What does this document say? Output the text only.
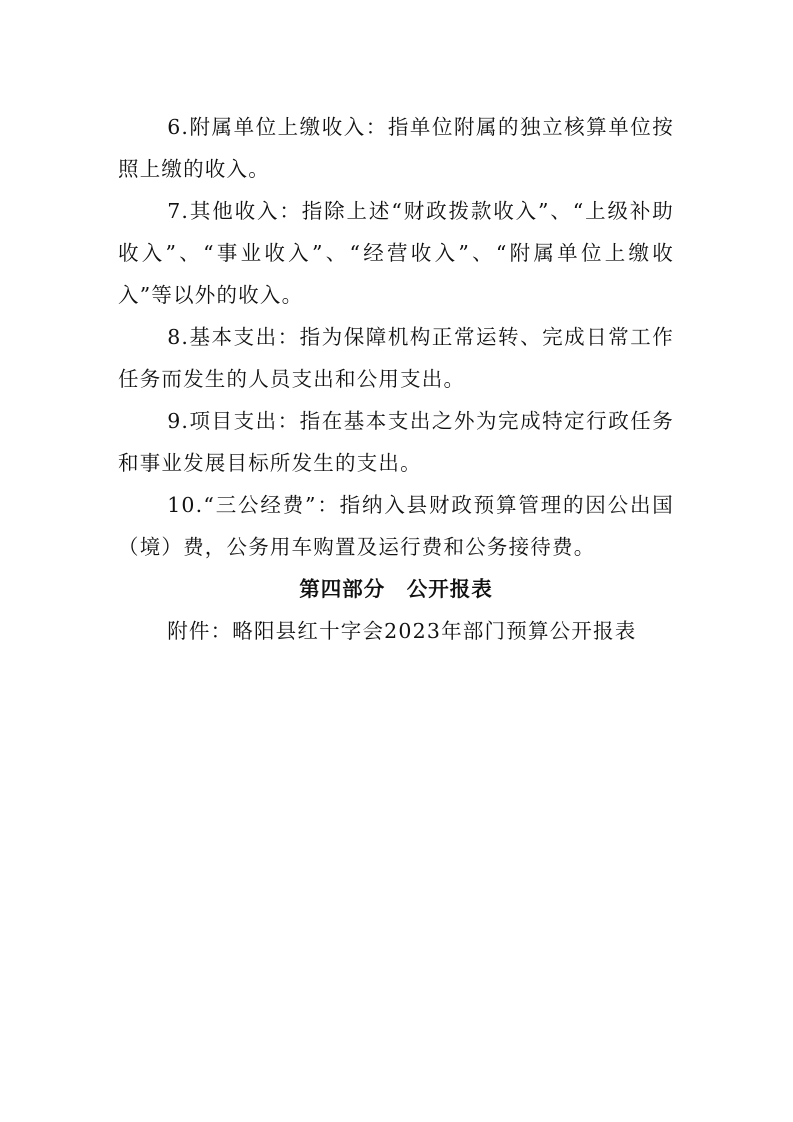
6.附属单位上缴收入：指单位附属的独立核算单位按照上缴的收入。

7.其他收入：指除上述“财政拨款收入”、“上级补助收入”、“事业收入”、“经营收入”、“附属单位上缴收入”等以外的收入。

8.基本支出：指为保障机构正常运转、完成日常工作任务而发生的人员支出和公用支出。

9.项目支出：指在基本支出之外为完成特定行政任务和事业发展目标所发生的支出。

10.“三公经费”：指纳入县财政预算管理的因公出国（境）费，公务用车购置及运行费和公务接待费。

第四部分　公开报表

附件：略阳县红十字会2023年部门预算公开报表
